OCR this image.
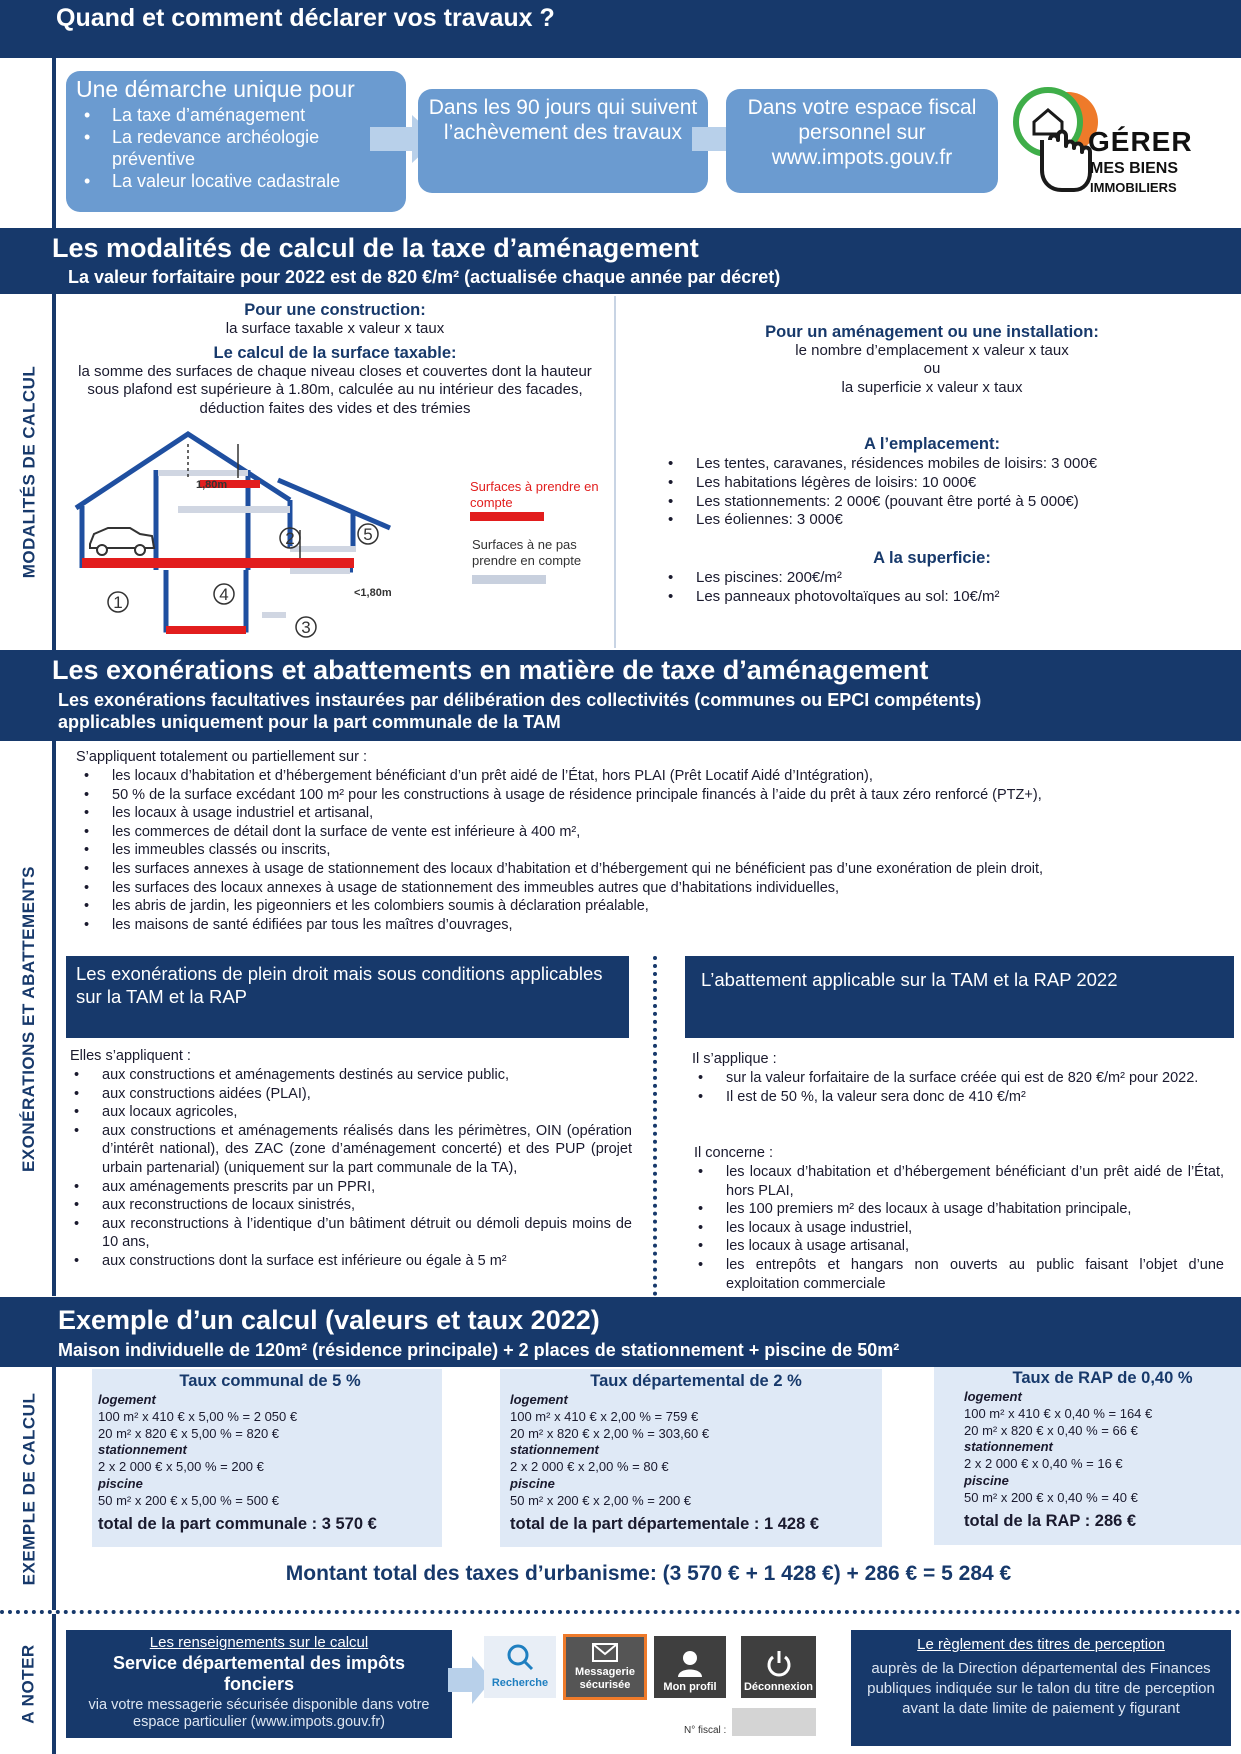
Quand et comment déclarer vos travaux ?
Une démarche unique pour
• La taxe d’aménagement
• La redevance archéologie préventive
• La valeur locative cadastrale
Dans les 90 jours qui suivent l’achèvement des travaux
Dans votre espace fiscal personnel sur www.impots.gouv.fr
GÉRER
MES BIENS
IMMOBILIERS
Les modalités de calcul de la taxe d’aménagement
La valeur forfaitaire pour 2022 est de 820 €/m² (actualisée chaque année par décret)
MODALITÉS DE CALCUL
Pour une construction:
la surface taxable x valeur x taux
Le calcul de la surface taxable:
la somme des surfaces de chaque niveau closes et couvertes dont la hauteur sous plafond est supérieure à 1.80m, calculée au nu intérieur des facades, déduction faites des vides et des trémies
1
2
3
4
5
1,80m
<1,80m
Surfaces à prendre en compte
Surfaces à ne pas prendre en compte
Pour un aménagement ou une installation:
le nombre d’emplacement x valeur x taux
ou
la superficie x valeur x taux
A l’emplacement:
• Les tentes, caravanes, résidences mobiles de loisirs: 3 000€
• Les habitations légères de loisirs: 10 000€
• Les stationnements: 2 000€ (pouvant être porté à 5 000€)
• Les éoliennes: 3 000€
A la superficie:
• Les piscines: 200€/m²
• Les panneaux photovoltaïques au sol: 10€/m²
Les exonérations et abattements en matière de taxe d’aménagement
Les exonérations facultatives instaurées par délibération des collectivités (communes ou EPCI compétents)
applicables uniquement pour la part communale de la TAM
EXONÉRATIONS ET ABATTEMENTS
S’appliquent totalement ou partiellement sur :
• les locaux d’habitation et d’hébergement bénéficiant d’un prêt aidé de l’État, hors PLAI (Prêt Locatif Aidé d’Intégration),
• 50 % de la surface excédant 100 m² pour les constructions à usage de résidence principale financés à l’aide du prêt à taux zéro renforcé (PTZ+),
• les locaux à usage industriel et artisanal,
• les commerces de détail dont la surface de vente est inférieure à 400 m²,
• les immeubles classés ou inscrits,
• les surfaces annexes à usage de stationnement des locaux d’habitation et d’hébergement qui ne bénéficient pas d’une exonération de plein droit,
• les surfaces des locaux annexes à usage de stationnement des immeubles autres que d’habitations individuelles,
• les abris de jardin, les pigeonniers et les colombiers soumis à déclaration préalable,
• les maisons de santé édifiées par tous les maîtres d’ouvrages,
Les exonérations de plein droit mais sous conditions applicables sur la TAM et la RAP
Elles s’appliquent :
• aux constructions et aménagements destinés au service public,
• aux constructions aidées (PLAI),
• aux locaux agricoles,
• aux constructions et aménagements réalisés dans les périmètres, OIN (opération d’intérêt national), des ZAC (zone d’aménagement concerté) et des PUP (projet urbain partenarial) (uniquement sur la part communale de la TA),
• aux aménagements prescrits par un PPRI,
• aux reconstructions de locaux sinistrés,
• aux reconstructions à l’identique d’un bâtiment détruit ou démoli depuis moins de 10 ans,
• aux constructions dont la surface est inférieure ou égale à 5 m²
L’abattement applicable sur la TAM et la RAP 2022
Il s’applique :
• sur la valeur forfaitaire de la surface créée qui est de 820 €/m² pour 2022.
• Il est de 50 %, la valeur sera donc de 410 €/m²
Il concerne :
• les locaux d’habitation et d’hébergement bénéficiant d’un prêt aidé de l’État, hors PLAI,
• les 100 premiers m² des locaux à usage d’habitation principale,
• les locaux à usage industriel,
• les locaux à usage artisanal,
• les entrepôts et hangars non ouverts au public faisant l’objet d’une exploitation commerciale
Exemple d’un calcul (valeurs et taux 2022)
Maison individuelle de 120m² (résidence principale) + 2 places de stationnement + piscine de 50m²
EXEMPLE DE CALCUL
Taux communal de 5 %
logement
100 m² x 410 € x 5,00 % = 2 050 €
20 m² x 820 € x 5,00 % = 820 €
stationnement
2 x 2 000 € x 5,00 % = 200 €
piscine
50 m² x 200 € x 5,00 % = 500 €
total de la part communale : 3 570 €
Taux départemental de 2 %
logement
100 m² x 410 € x 2,00 % = 759 €
20 m² x 820 € x 2,00 % = 303,60 €
stationnement
2 x 2 000 € x 2,00 % = 80 €
piscine
50 m² x 200 € x 2,00 % = 200 €
total de la part départementale : 1 428 €
Taux de RAP de 0,40 %
logement
100 m² x 410 € x 0,40 % = 164 €
20 m² x 820 € x 0,40 % = 66 €
stationnement
2 x 2 000 € x 0,40 % = 16 €
piscine
50 m² x 200 € x 0,40 % = 40 €
total de la RAP : 286 €
Montant total des taxes d’urbanisme: (3 570 € + 1 428 €) + 286 € = 5 284 €
A NOTER
Les renseignements sur le calcul
Service départemental des impôts fonciers
via votre messagerie sécurisée disponible dans votre espace particulier (www.impots.gouv.fr)
Recherche
Messagerie sécurisée	Mon profil Déconnexion
N° fiscal :
Le règlement des titres de perception
auprès de la Direction départemental des Finances publiques indiquée sur le talon du titre de perception avant la date limite de paiement y figurant
